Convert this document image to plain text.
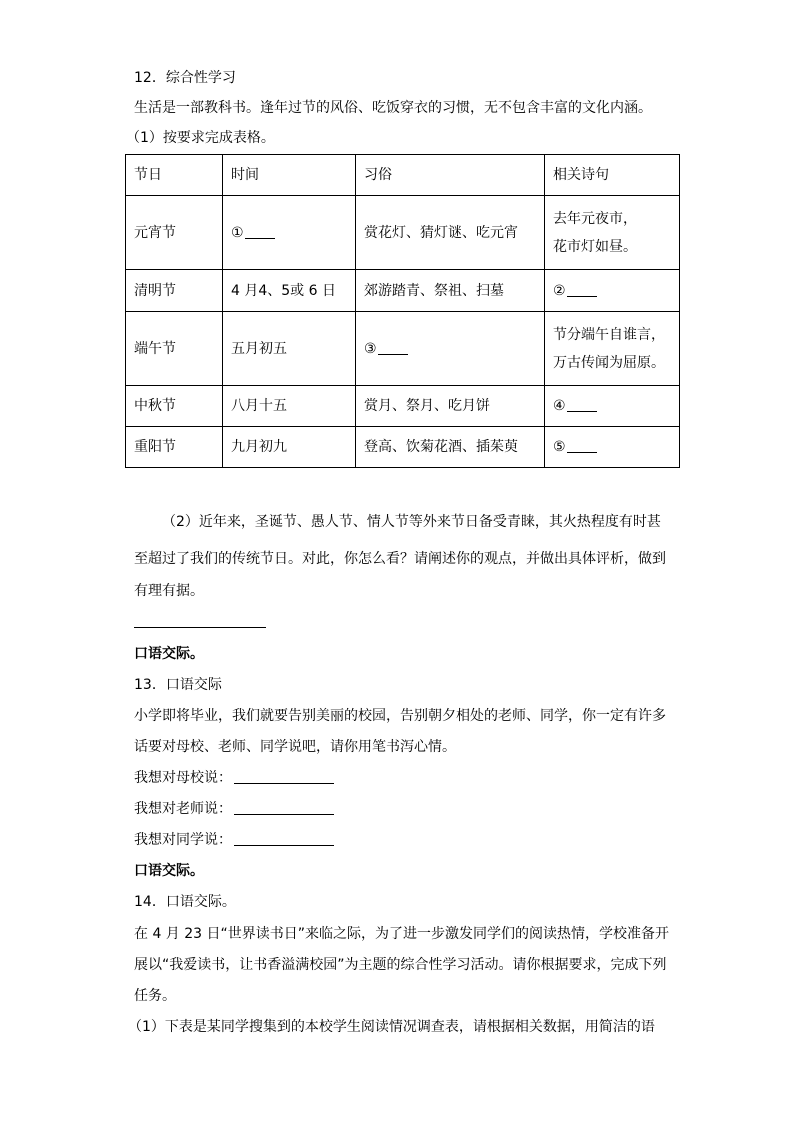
12．综合性学习
生活是一部教科书。逢年过节的风俗、吃饭穿衣的习惯，无不包含丰富的文化内涵。
（1）按要求完成表格。
节日	时间	习俗	相关诗句
元宵节	①	赏花灯、猜灯谜、吃元宵	去年元夜市，
花市灯如昼。

清明节	4 月4、5或 6 日	郊游踏青、祭祖、扫墓	②
端午节	五月初五	③	节分端午自谁言，
万古传闻为屈原。

中秋节	八月十五	赏月、祭月、吃月饼	④
重阳节	九月初九	登高、饮菊花酒、插茱萸	⑤
（2）近年来，圣诞节、愚人节、情人节等外来节日备受青睐，其火热程度有时甚
至超过了我们的传统节日。对此，你怎么看？请阐述你的观点，并做出具体评析，做到
有理有据。
口语交际。
13．口语交际
小学即将毕业，我们就要告别美丽的校园，告别朝夕相处的老师、同学，你一定有许多
话要对母校、老师、同学说吧，请你用笔书泻心情。
我想对母校说：
我想对老师说：
我想对同学说：
口语交际。
14．口语交际。
在 4 月 23 日“世界读书日”来临之际，为了进一步激发同学们的阅读热情，学校准备开
展以“我爱读书，让书香溢满校园”为主题的综合性学习活动。请你根据要求，完成下列
任务。
（1）下表是某同学搜集到的本校学生阅读情况调查表，请根据相关数据，用简洁的语
